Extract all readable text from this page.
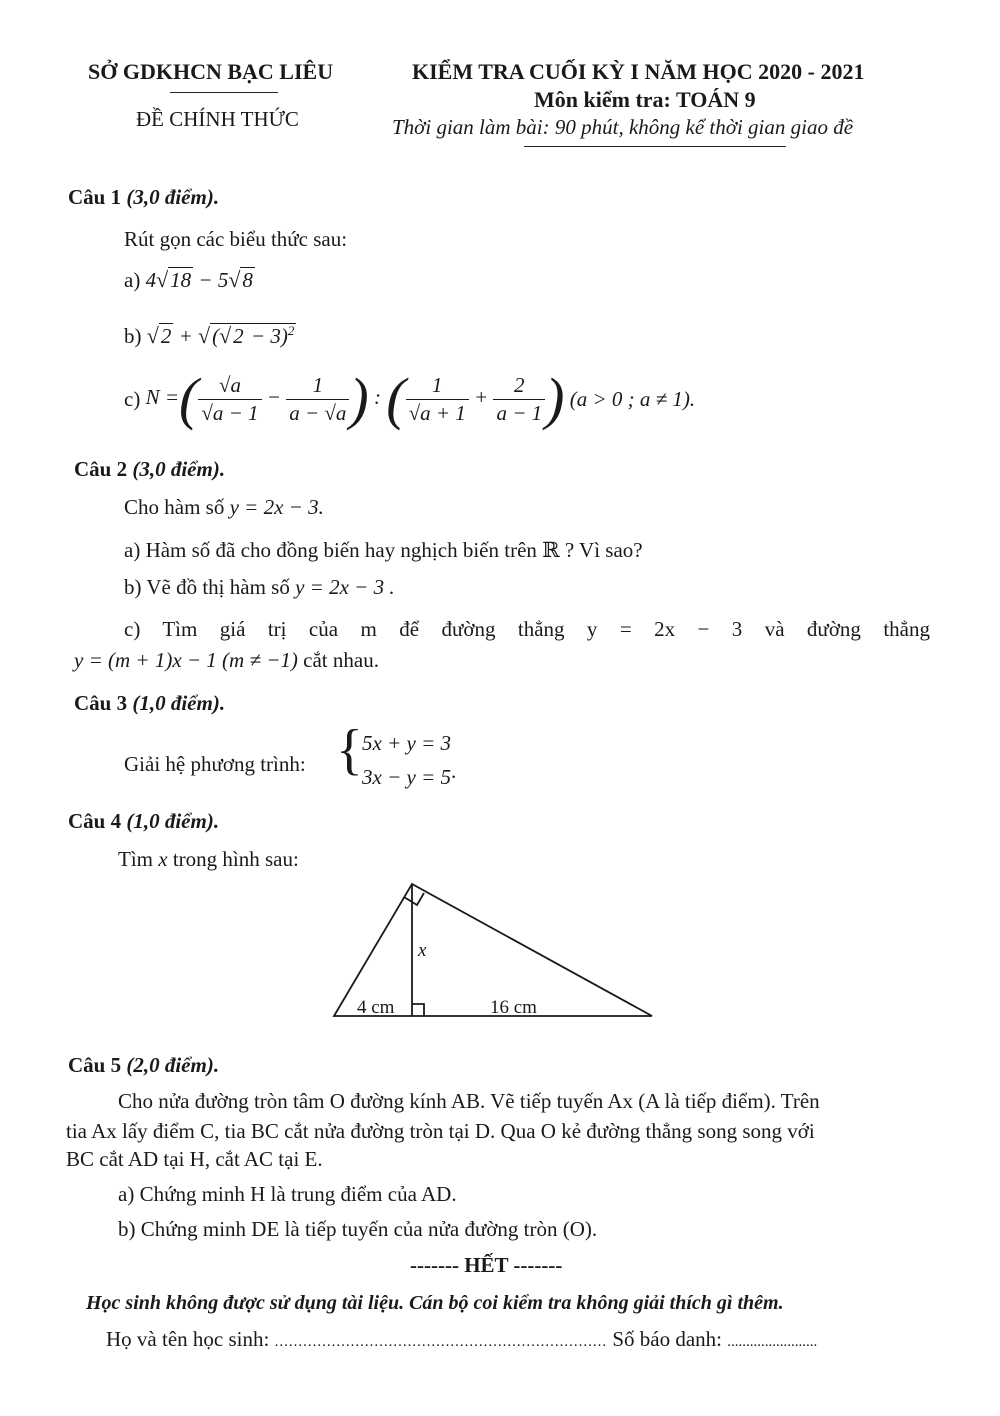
SỞ GDKHCN BẠC LIÊU
ĐỀ CHÍNH THỨC
KIỂM TRA CUỐI KỲ I NĂM HỌC 2020 - 2021
Môn kiểm tra: TOÁN 9
Thời gian làm bài: 90 phút, không kể thời gian giao đề
Câu 1 (3,0 điểm).
Rút gọn các biểu thức sau:
a) 4√18 − 5√8
b) $√2 + √(√2 - 3)^2$
c) N =( $\frac{√a}{√a - 1} - \frac{1}{a - √a}$ ) : ( $\frac{1}{√a + 1} + \frac{2}{a - 1}$ ) (a > 0 ; a ≠ 1).
Câu 2 (3,0 điểm).
Cho hàm số y = 2x − 3.
a) Hàm số đã cho đồng biến hay nghịch biến trên ℝ ? Vì sao?
b) Vẽ đồ thị hàm số y = 2x − 3 .
c) Tìm giá trị của m để đường thẳng y = 2x − 3 và đường thẳng
y = (m + 1)x − 1 (m ≠ −1) cắt nhau.
Câu 3 (1,0 điểm).
Giải hệ phương trình: { 5x + y = 3
3x − y = 5 .
Câu 4 (1,0 điểm).
Tìm x trong hình sau:
x
4 cm	16 cm
Câu 5 (2,0 điểm).
Cho nửa đường tròn tâm O đường kính AB. Vẽ tiếp tuyến Ax (A là tiếp điểm). Trên
tia Ax lấy điểm C, tia BC cắt nửa đường tròn tại D. Qua O kẻ đường thẳng song song với
BC cắt AD tại H, cắt AC tại E.
a) Chứng minh H là trung điểm của AD.
b) Chứng minh DE là tiếp tuyến của nửa đường tròn (O).
------- HẾT -------
Học sinh không được sử dụng tài liệu. Cán bộ coi kiểm tra không giải thích gì thêm.
Họ và tên học sinh: ...................................................................... Số báo danh: ........................
